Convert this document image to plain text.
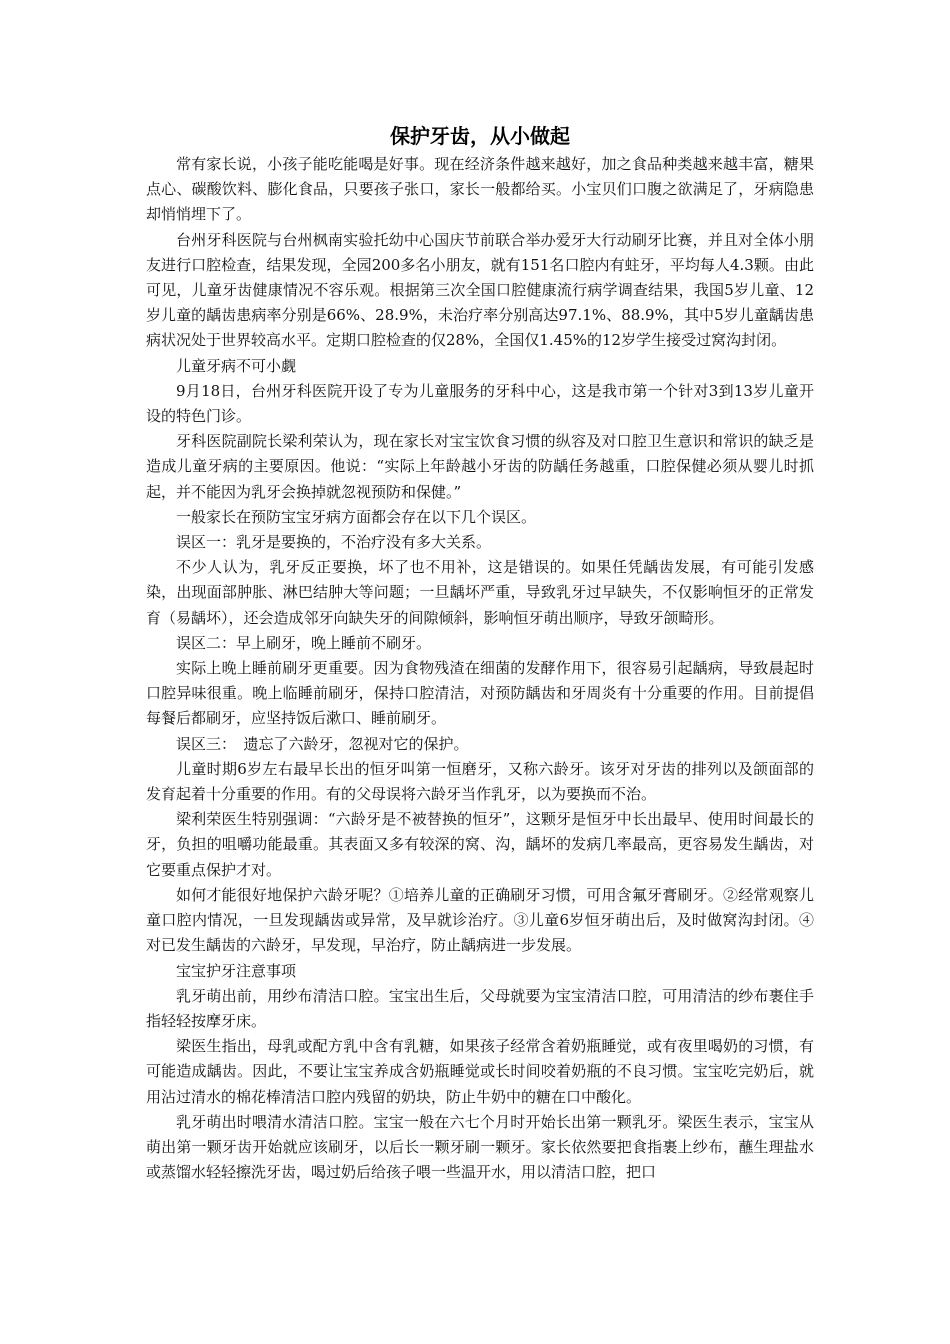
保护牙齿，从小做起

常有家长说，小孩子能吃能喝是好事。现在经济条件越来越好，加之食品种类越来越丰富，糖果点心、碳酸饮料、膨化食品，只要孩子张口，家长一般都给买。小宝贝们口腹之欲满足了，牙病隐患却悄悄埋下了。

台州牙科医院与台州枫南实验托幼中心国庆节前联合举办爱牙大行动刷牙比赛，并且对全体小朋友进行口腔检查，结果发现，全园200多名小朋友，就有151名口腔内有蛀牙，平均每人4.3颗。由此可见，儿童牙齿健康情况不容乐观。根据第三次全国口腔健康流行病学调查结果，我国5岁儿童、12岁儿童的龋齿患病率分别是66%、28.9%，未治疗率分别高达97.1%、88.9%，其中5岁儿童龋齿患病状况处于世界较高水平。定期口腔检查的仅28%，全国仅1.45%的12岁学生接受过窝沟封闭。

儿童牙病不可小觑

9月18日，台州牙科医院开设了专为儿童服务的牙科中心，这是我市第一个针对3到13岁儿童开设的特色门诊。

牙科医院副院长梁利荣认为，现在家长对宝宝饮食习惯的纵容及对口腔卫生意识和常识的缺乏是造成儿童牙病的主要原因。他说：“实际上年龄越小牙齿的防龋任务越重，口腔保健必须从婴儿时抓起，并不能因为乳牙会换掉就忽视预防和保健。”

一般家长在预防宝宝牙病方面都会存在以下几个误区。

误区一：乳牙是要换的，不治疗没有多大关系。

不少人认为，乳牙反正要换，坏了也不用补，这是错误的。如果任凭龋齿发展，有可能引发感染，出现面部肿胀、淋巴结肿大等问题；一旦龋坏严重，导致乳牙过早缺失，不仅影响恒牙的正常发育（易龋坏），还会造成邻牙向缺失牙的间隙倾斜，影响恒牙萌出顺序，导致牙颌畸形。

误区二：早上刷牙，晚上睡前不刷牙。

实际上晚上睡前刷牙更重要。因为食物残渣在细菌的发酵作用下，很容易引起龋病，导致晨起时口腔异味很重。晚上临睡前刷牙，保持口腔清洁，对预防龋齿和牙周炎有十分重要的作用。目前提倡每餐后都刷牙，应坚持饭后漱口、睡前刷牙。

误区三：　遗忘了六龄牙，忽视对它的保护。

儿童时期6岁左右最早长出的恒牙叫第一恒磨牙，又称六龄牙。该牙对牙齿的排列以及颌面部的发育起着十分重要的作用。有的父母误将六龄牙当作乳牙，以为要换而不治。

梁利荣医生特别强调：“六龄牙是不被替换的恒牙”，这颗牙是恒牙中长出最早、使用时间最长的牙，负担的咀嚼功能最重。其表面又多有较深的窝、沟，龋坏的发病几率最高，更容易发生龋齿，对它要重点保护才对。

如何才能很好地保护六龄牙呢？①培养儿童的正确刷牙习惯，可用含氟牙膏刷牙。②经常观察儿童口腔内情况，一旦发现龋齿或异常，及早就诊治疗。③儿童6岁恒牙萌出后，及时做窝沟封闭。④对已发生龋齿的六龄牙，早发现，早治疗，防止龋病进一步发展。

宝宝护牙注意事项

乳牙萌出前，用纱布清洁口腔。宝宝出生后，父母就要为宝宝清洁口腔，可用清洁的纱布裹住手指轻轻按摩牙床。

梁医生指出，母乳或配方乳中含有乳糖，如果孩子经常含着奶瓶睡觉，或有夜里喝奶的习惯，有可能造成龋齿。因此，不要让宝宝养成含奶瓶睡觉或长时间咬着奶瓶的不良习惯。宝宝吃完奶后，就用沾过清水的棉花棒清洁口腔内残留的奶块，防止牛奶中的糖在口中酸化。

乳牙萌出时喂清水清洁口腔。宝宝一般在六七个月时开始长出第一颗乳牙。梁医生表示，宝宝从萌出第一颗牙齿开始就应该刷牙，以后长一颗牙刷一颗牙。家长依然要把食指裹上纱布，蘸生理盐水或蒸馏水轻轻擦洗牙齿，喝过奶后给孩子喂一些温开水，用以清洁口腔，把口
